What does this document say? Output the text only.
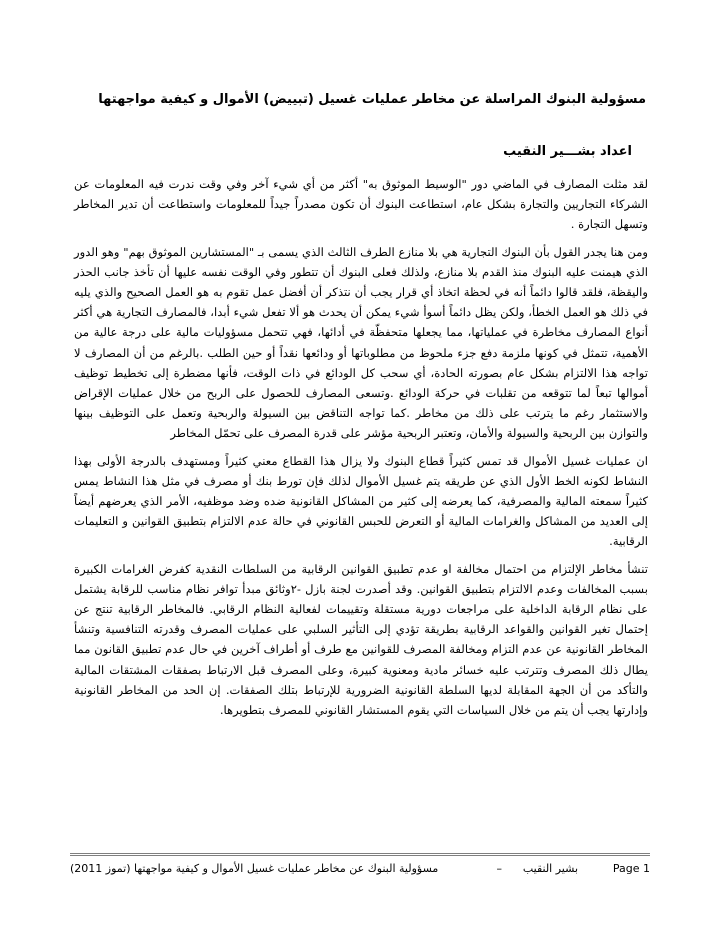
مسؤولية البنوك المراسلة عن مخاطر عمليات غسيل (تبييض) الأموال و كيفية مواجهتها
اعداد بشـــير النقيب

لقد مثلت المصارف في الماضي دور "الوسيط الموثوق به" أكثر من أي شيء آخر وفي وقت ندرت فيه المعلومات عن الشركاء التجاريين والتجارة بشكل عام، استطاعت البنوك أن تكون مصدراً جيداً للمعلومات واستطاعت أن تدير المخاطر وتسهل التجارة .

ومن هنا يجدر القول بأن البنوك التجارية هي بلا منازع الطرف الثالث الذي يسمى بـ "المستشارين الموثوق بهم" وهو الدور الذي هيمنت عليه البنوك منذ القدم بلا منازع، ولذلك فعلى البنوك أن تتطور وفي الوقت نفسه عليها أن تأخذ جانب الحذر واليقظة، فلقد قالوا دائماً أنه في لحظة اتخاذ أي قرار يجب أن نتذكر أن أفضل عمل تقوم به هو العمل الصحيح والذي يليه في ذلك هو العمل الخطأ، ولكن يظل دائماً أسوأ شيء يمكن أن يحدث هو ألا تفعل شيء أبدا، فالمصارف التجارية هي أكثر أنواع المصارف مخاطرة في عملياتها، مما يجعلها متحفظّة في أدائها، فهي تتحمل مسؤوليات مالية على درجة عالية من الأهمية، تتمثل في كونها ملزمة دفع جزء ملحوظ من مطلوباتها أو ودائعها نقداً أو حين الطلب .بالرغم من أن المصارف لا تواجه هذا الالتزام بشكل عام بصورته الحادة، أي سحب كل الودائع في ذات الوقت، فأنها مضطرة إلى تخطيط توظيف أموالها تبعاً لما تتوقعه من تقلبات في حركة الودائع .وتسعى المصارف للحصول على الربح من خلال عمليات الإقراض والاستثمار رغم ما يترتب على ذلك من مخاطر .كما تواجه التناقض بين السيولة والربحية وتعمل على التوظيف بينها والتوازن بين الربحية والسيولة والأمان، وتعتبر الربحية مؤشر على قدرة المصرف على تحمّل المخاطر

ان عمليات غسيل الأموال قد تمس كثيراً قطاع البنوك ولا يزال هذا القطاع معني كثيراً ومستهدف بالدرجة الأولى بهذا النشاط لكونه الخط الأول الذي عن طريقه يتم غسيل الأموال لذلك فإن تورط بنك أو مصرف في مثل هذا النشاط يمس كثيراً سمعته المالية والمصرفية، كما يعرضه إلى كثير من المشاكل القانونية ضده وضد موظفيه، الأمر الذي يعرضهم أيضاً إلى العديد من المشاكل والغرامات المالية أو التعرض للحبس القانوني في حالة عدم الالتزام بتطبيق القوانين و التعليمات الرقابية.

تنشأ مخاطر الإلتزام من احتمال مخالفة او عدم تطبيق القوانين الرقابية من السلطات النقدية كفرض الغرامات الكبيرة بسبب المخالفات وعدم الالتزام بتطبيق القوانين. وقد أصدرت لجنة بازل -٢وثائق مبدأ توافر نظام مناسب للرقابة يشتمل على نظام الرقابة الداخلية على مراجعات دورية مستقلة وتقييمات لفعالية النظام الرقابي. فالمخاطر الرقابية تنتج عن إحتمال تغير القوانين والقواعد الرقابية بطريقة تؤدي إلى التأثير السلبي على عمليات المصرف وقدرته التنافسية وتنشأ المخاطر القانونية عن عدم التزام ومخالفة المصرف للقوانين مع طرف أو أطراف آخرين في حال عدم تطبيق القانون مما يطال ذلك المصرف وتترتب عليه خسائر مادية ومعنوية كبيرة، وعلى المصرف قبل الارتباط بصفقات المشتقات المالية والتأكد من أن الجهة المقابلة لديها السلطة القانونية الضرورية للإرتباط بتلك الصفقات. إن الحد من المخاطر القانونية وإدارتها يجب أن يتم من خلال السياسات التي يقوم المستشار القانوني للمصرف بتطويرها.

مسؤولية البنوك عن مخاطر عمليات غسيل الأموال و كيفية مواجهتها (تموز 2011)	– بشير النقيب	Page 1
